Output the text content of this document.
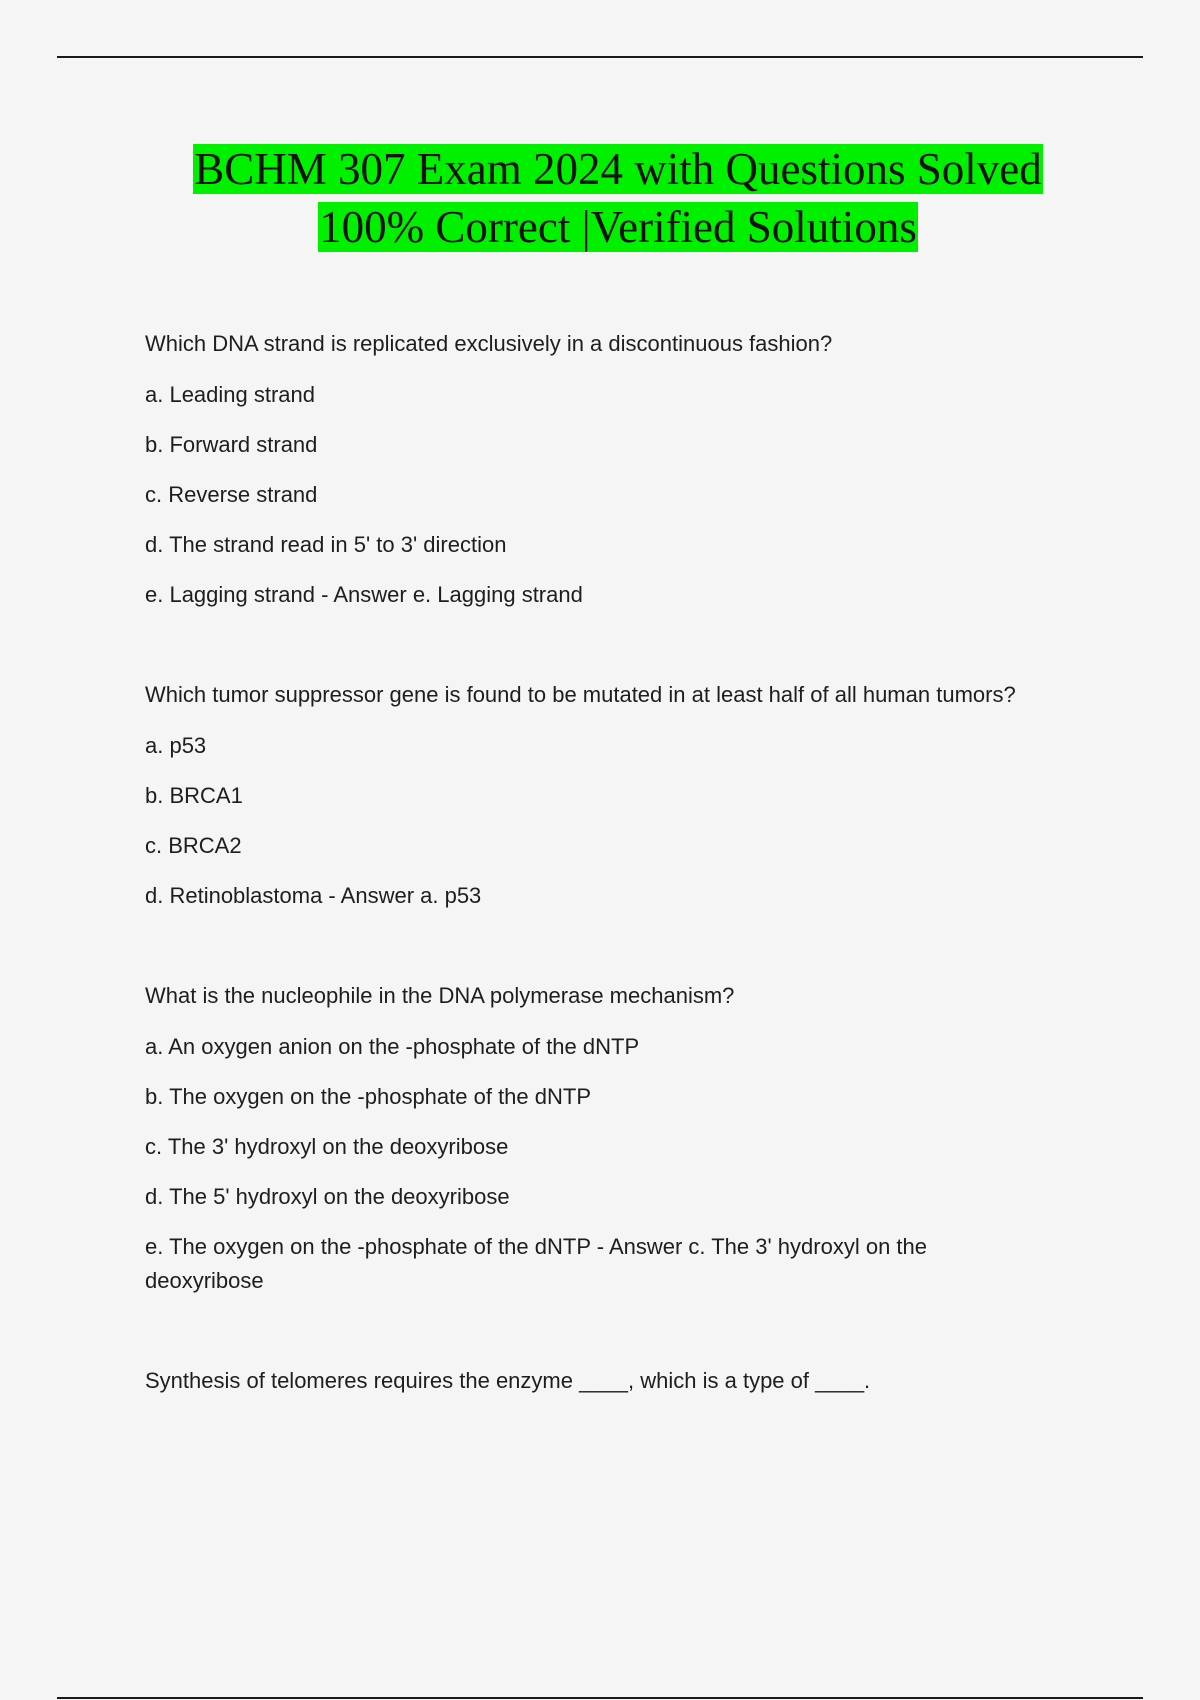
BCHM 307 Exam 2024 with Questions Solved
100% Correct |Verified Solutions

Which DNA strand is replicated exclusively in a discontinuous fashion?

a. Leading strand

b. Forward strand

c. Reverse strand

d. The strand read in 5' to 3' direction

e. Lagging strand - Answer e. Lagging strand

Which tumor suppressor gene is found to be mutated in at least half of all human tumors?

a. p53

b. BRCA1

c. BRCA2

d. Retinoblastoma - Answer a. p53

What is the nucleophile in the DNA polymerase mechanism?

a. An oxygen anion on the -phosphate of the dNTP

b. The oxygen on the -phosphate of the dNTP

c. The 3' hydroxyl on the deoxyribose

d. The 5' hydroxyl on the deoxyribose

e. The oxygen on the -phosphate of the dNTP - Answer c. The 3' hydroxyl on the deoxyribose

Synthesis of telomeres requires the enzyme ____, which is a type of ____.
